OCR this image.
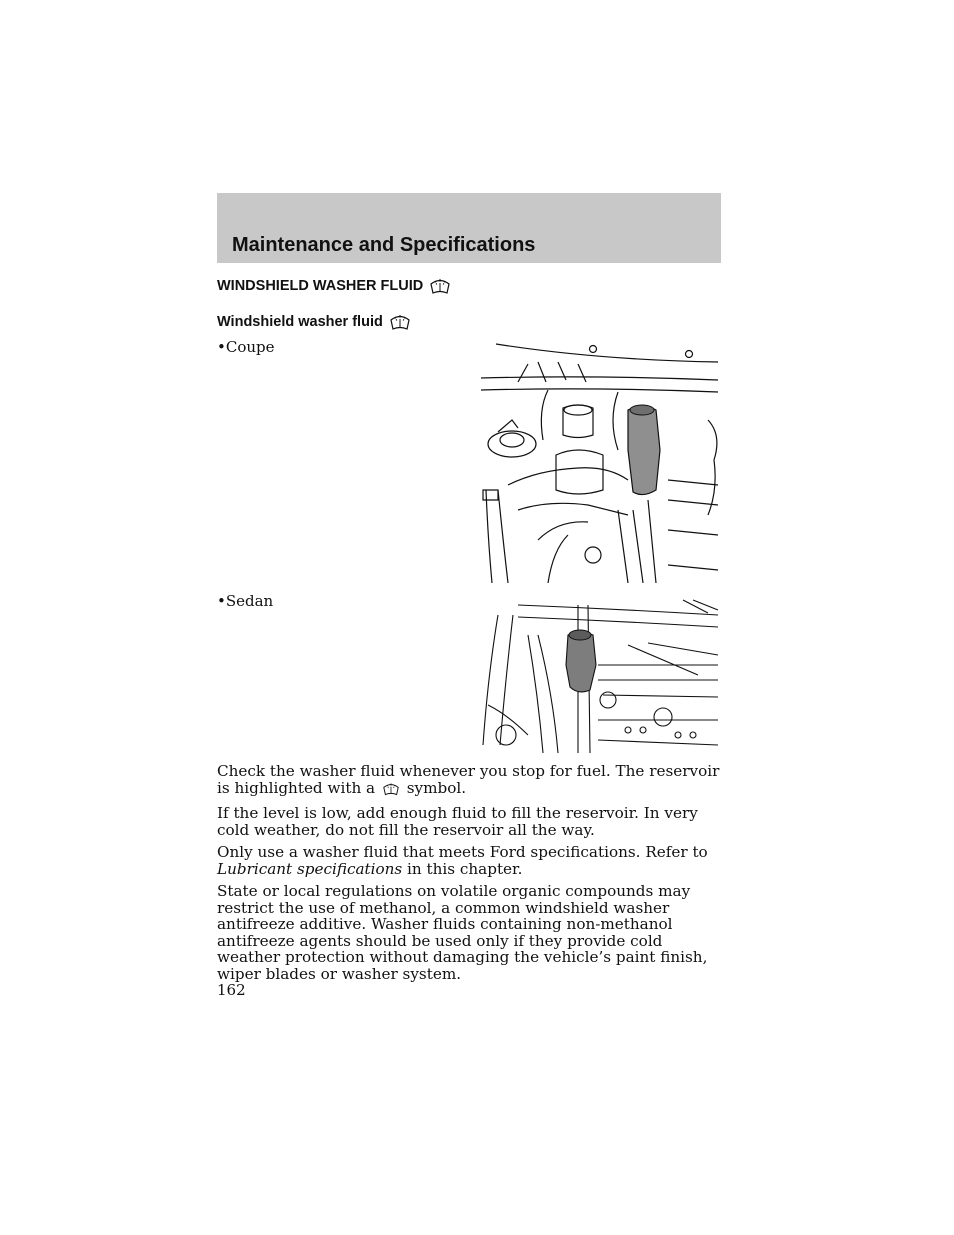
Maintenance and Specifications
WINDSHIELD WASHER FLUID
Windshield washer fluid
•Coupe
•Sedan
Check the washer fluid whenever you stop for fuel. The reservoir is highlighted with a symbol.
If the level is low, add enough fluid to fill the reservoir. In very cold weather, do not fill the reservoir all the way.
Only use a washer fluid that meets Ford specifications. Refer to Lubricant specifications in this chapter.
State or local regulations on volatile organic compounds may restrict the use of methanol, a common windshield washer antifreeze additive. Washer fluids containing non-methanol antifreeze agents should be used only if they provide cold weather protection without damaging the vehicle’s paint finish, wiper blades or washer system.
162
